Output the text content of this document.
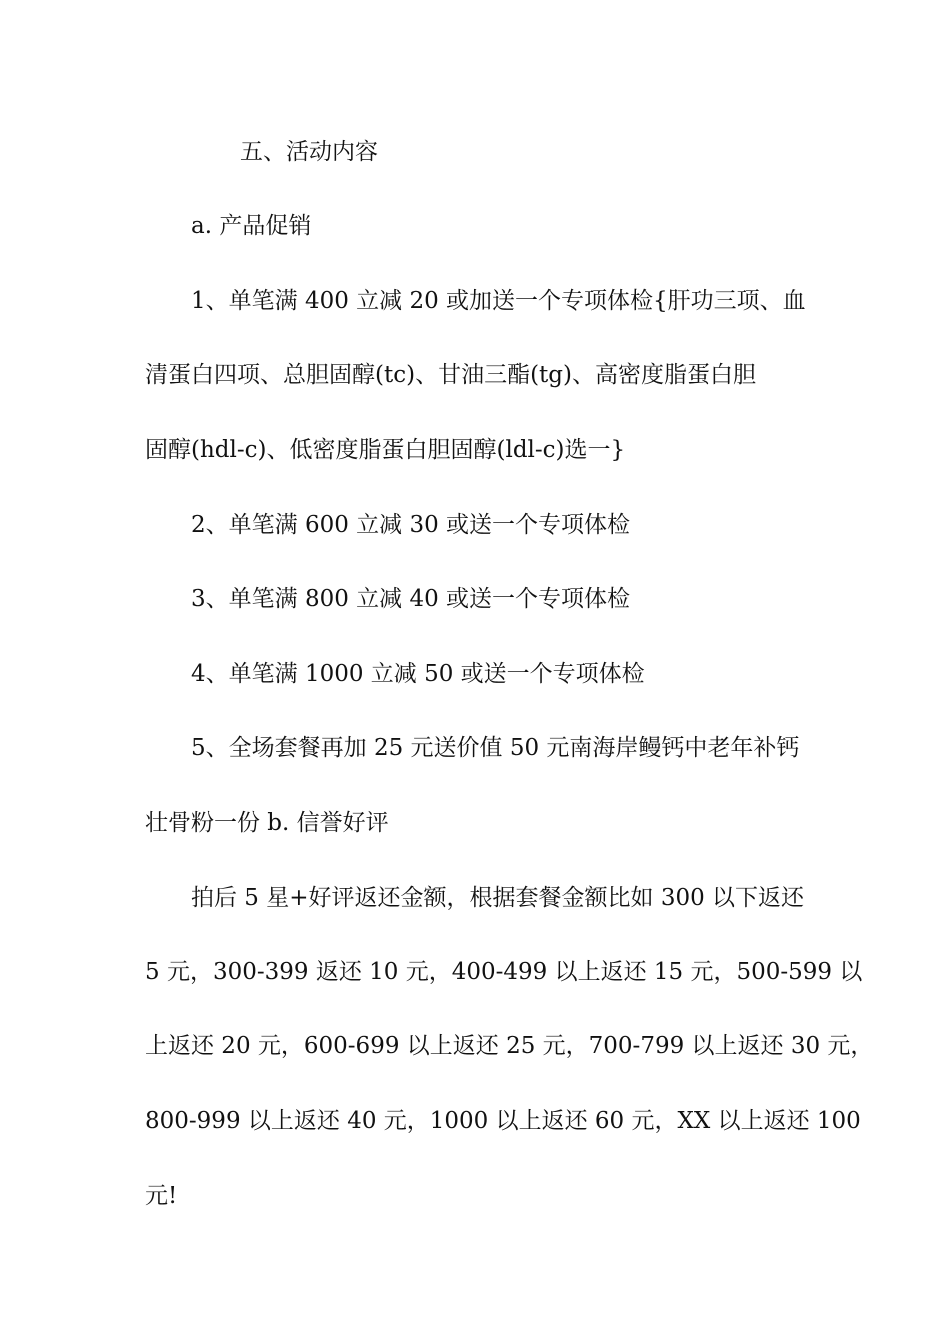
五、活动内容
a. 产品促销
1、单笔满 400 立减 20 或加送一个专项体检{肝功三项、血
清蛋白四项、总胆固醇(tc)、甘油三酯(tg)、高密度脂蛋白胆
固醇(hdl-c)、低密度脂蛋白胆固醇(ldl-c)选一}
2、单笔满 600 立减 30 或送一个专项体检
3、单笔满 800 立减 40 或送一个专项体检
4、单笔满 1000 立减 50 或送一个专项体检
5、全场套餐再加 25 元送价值 50 元南海岸鳗钙中老年补钙
壮骨粉一份 b. 信誉好评
拍后 5 星+好评返还金额，根据套餐金额比如 300 以下返还
5 元，300-399 返还 10 元，400-499 以上返还 15 元，500-599 以
上返还 20 元，600-699 以上返还 25 元，700-799 以上返还 30 元，
800-999 以上返还 40 元，1000 以上返还 60 元，XX 以上返还 100
元!
